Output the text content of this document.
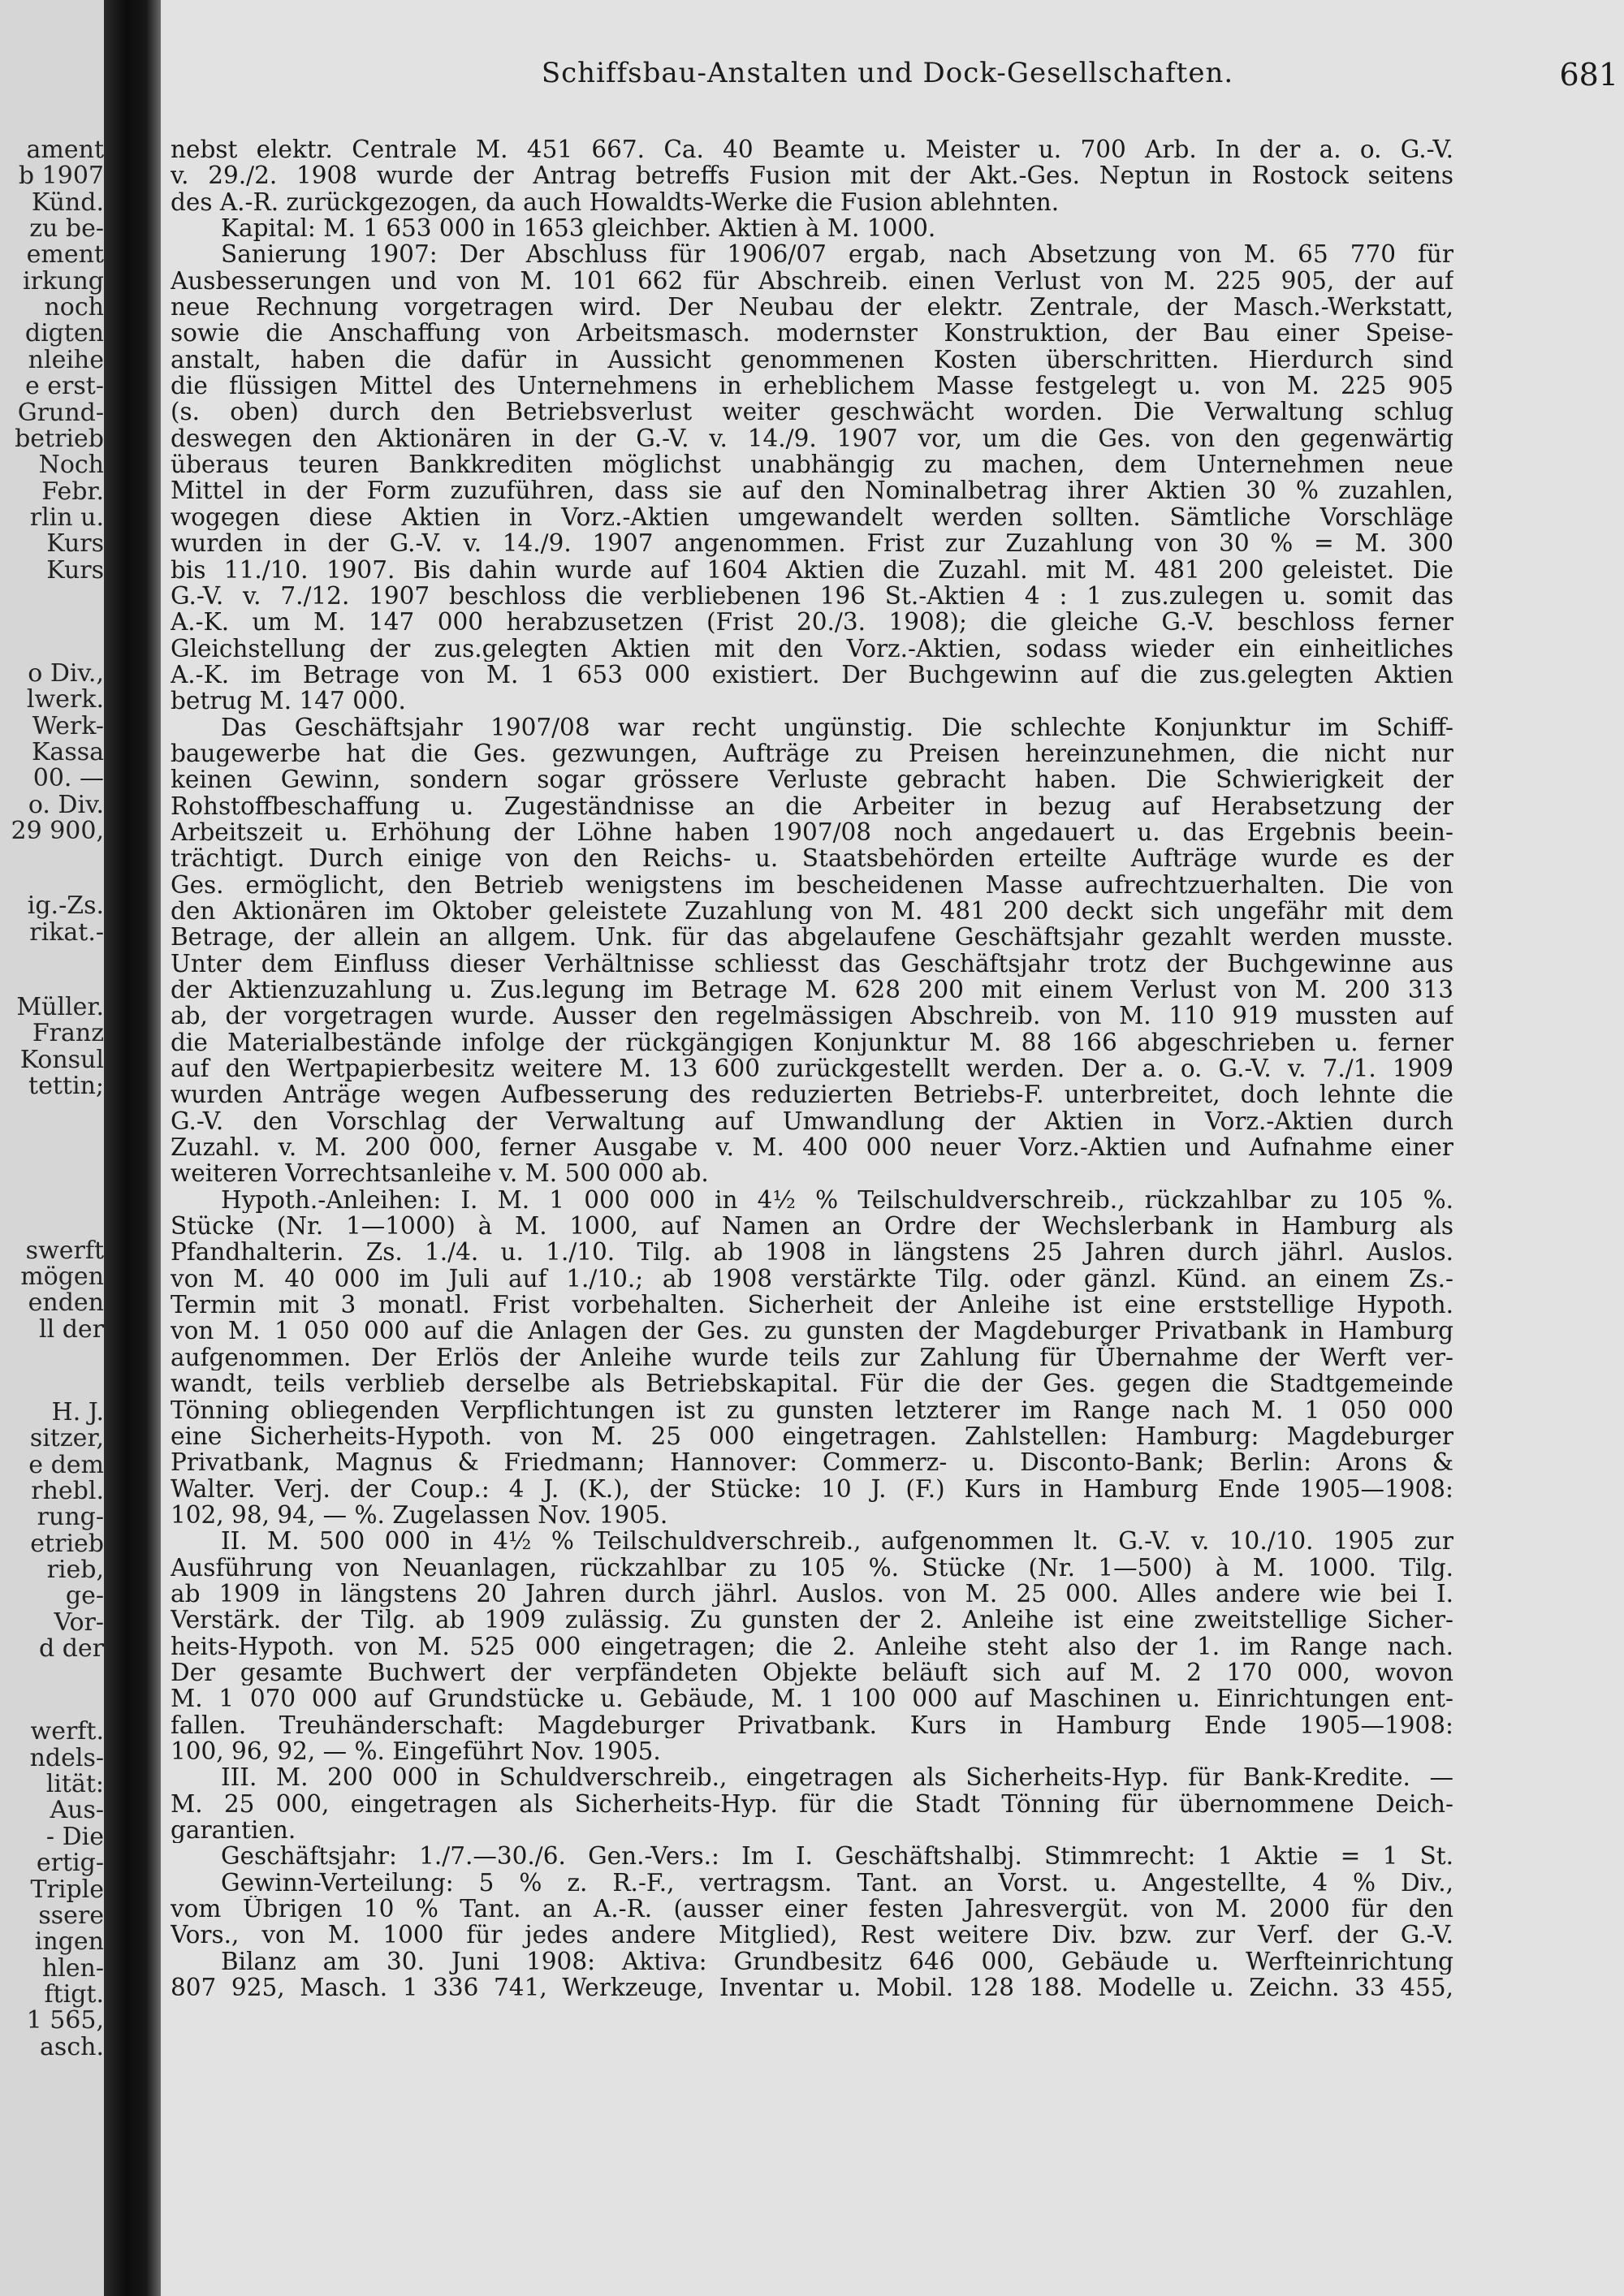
ament
b 1907
Künd.
zu be-
ement
irkung
noch
digten
nleihe
e erst-
Grund-
betrieb
Noch
Febr.
rlin u.
Kurs
Kurs
o Div.,
lwerk.
Werk-
Kassa
00. —
o. Div.
29 900,
ig.-Zs.
rikat.-
Müller.
Franz
Konsul
tettin;
swerft
mögen
enden
ll der
H. J.
sitzer,
e dem
rhebl.
rung-
etrieb
rieb,
ge-
Vor-
d der
werft.
ndels-
lität:
Aus-
- Die
ertig-
Triple
ssere
ingen
hlen-
ftigt.
1 565,
asch.
Schiffsbau-Anstalten und Dock-Gesellschaften.	681
nebst elektr. Centrale M. 451 667. Ca. 40 Beamte u. Meister u. 700 Arb. In der a. o. G.-V.
v. 29./2. 1908 wurde der Antrag betreffs Fusion mit der Akt.-Ges. Neptun in Rostock seitens
des A.-R. zurückgezogen, da auch Howaldts-Werke die Fusion ablehnten.
Kapital: M. 1 653 000 in 1653 gleichber. Aktien à M. 1000.
Sanierung 1907: Der Abschluss für 1906/07 ergab, nach Absetzung von M. 65 770 für
Ausbesserungen und von M. 101 662 für Abschreib. einen Verlust von M. 225 905, der auf
neue Rechnung vorgetragen wird. Der Neubau der elektr. Zentrale, der Masch.-Werkstatt,
sowie die Anschaffung von Arbeitsmasch. modernster Konstruktion, der Bau einer Speise-
anstalt, haben die dafür in Aussicht genommenen Kosten überschritten. Hierdurch sind
die flüssigen Mittel des Unternehmens in erheblichem Masse festgelegt u. von M. 225 905
(s. oben) durch den Betriebsverlust weiter geschwächt worden. Die Verwaltung schlug
deswegen den Aktionären in der G.-V. v. 14./9. 1907 vor, um die Ges. von den gegenwärtig
überaus teuren Bankkrediten möglichst unabhängig zu machen, dem Unternehmen neue
Mittel in der Form zuzuführen, dass sie auf den Nominalbetrag ihrer Aktien 30 % zuzahlen,
wogegen diese Aktien in Vorz.-Aktien umgewandelt werden sollten. Sämtliche Vorschläge
wurden in der G.-V. v. 14./9. 1907 angenommen. Frist zur Zuzahlung von 30 % = M. 300
bis 11./10. 1907. Bis dahin wurde auf 1604 Aktien die Zuzahl. mit M. 481 200 geleistet. Die
G.-V. v. 7./12. 1907 beschloss die verbliebenen 196 St.-Aktien 4 : 1 zus.zulegen u. somit das
A.-K. um M. 147 000 herabzusetzen (Frist 20./3. 1908); die gleiche G.-V. beschloss ferner
Gleichstellung der zus.gelegten Aktien mit den Vorz.-Aktien, sodass wieder ein einheitliches
A.-K. im Betrage von M. 1 653 000 existiert. Der Buchgewinn auf die zus.gelegten Aktien
betrug M. 147 000.
Das Geschäftsjahr 1907/08 war recht ungünstig. Die schlechte Konjunktur im Schiff-
baugewerbe hat die Ges. gezwungen, Aufträge zu Preisen hereinzunehmen, die nicht nur
keinen Gewinn, sondern sogar grössere Verluste gebracht haben. Die Schwierigkeit der
Rohstoffbeschaffung u. Zugeständnisse an die Arbeiter in bezug auf Herabsetzung der
Arbeitszeit u. Erhöhung der Löhne haben 1907/08 noch angedauert u. das Ergebnis beein-
trächtigt. Durch einige von den Reichs- u. Staatsbehörden erteilte Aufträge wurde es der
Ges. ermöglicht, den Betrieb wenigstens im bescheidenen Masse aufrechtzuerhalten. Die von
den Aktionären im Oktober geleistete Zuzahlung von M. 481 200 deckt sich ungefähr mit dem
Betrage, der allein an allgem. Unk. für das abgelaufene Geschäftsjahr gezahlt werden musste.
Unter dem Einfluss dieser Verhältnisse schliesst das Geschäftsjahr trotz der Buchgewinne aus
der Aktienzuzahlung u. Zus.legung im Betrage M. 628 200 mit einem Verlust von M. 200 313
ab, der vorgetragen wurde. Ausser den regelmässigen Abschreib. von M. 110 919 mussten auf
die Materialbestände infolge der rückgängigen Konjunktur M. 88 166 abgeschrieben u. ferner
auf den Wertpapierbesitz weitere M. 13 600 zurückgestellt werden. Der a. o. G.-V. v. 7./1. 1909
wurden Anträge wegen Aufbesserung des reduzierten Betriebs-F. unterbreitet, doch lehnte die
G.-V. den Vorschlag der Verwaltung auf Umwandlung der Aktien in Vorz.-Aktien durch
Zuzahl. v. M. 200 000, ferner Ausgabe v. M. 400 000 neuer Vorz.-Aktien und Aufnahme einer
weiteren Vorrechtsanleihe v. M. 500 000 ab.
Hypoth.-Anleihen: I. M. 1 000 000 in 4½ % Teilschuldverschreib., rückzahlbar zu 105 %.
Stücke (Nr. 1—1000) à M. 1000, auf Namen an Ordre der Wechslerbank in Hamburg als
Pfandhalterin. Zs. 1./4. u. 1./10. Tilg. ab 1908 in längstens 25 Jahren durch jährl. Auslos.
von M. 40 000 im Juli auf 1./10.; ab 1908 verstärkte Tilg. oder gänzl. Künd. an einem Zs.-
Termin mit 3 monatl. Frist vorbehalten. Sicherheit der Anleihe ist eine erststellige Hypoth.
von M. 1 050 000 auf die Anlagen der Ges. zu gunsten der Magdeburger Privatbank in Hamburg
aufgenommen. Der Erlös der Anleihe wurde teils zur Zahlung für Übernahme der Werft ver-
wandt, teils verblieb derselbe als Betriebskapital. Für die der Ges. gegen die Stadtgemeinde
Tönning obliegenden Verpflichtungen ist zu gunsten letzterer im Range nach M. 1 050 000
eine Sicherheits-Hypoth. von M. 25 000 eingetragen. Zahlstellen: Hamburg: Magdeburger
Privatbank, Magnus & Friedmann; Hannover: Commerz- u. Disconto-Bank; Berlin: Arons &
Walter. Verj. der Coup.: 4 J. (K.), der Stücke: 10 J. (F.) Kurs in Hamburg Ende 1905—1908:
102, 98, 94, — %. Zugelassen Nov. 1905.
II. M. 500 000 in 4½ % Teilschuldverschreib., aufgenommen lt. G.-V. v. 10./10. 1905 zur
Ausführung von Neuanlagen, rückzahlbar zu 105 %. Stücke (Nr. 1—500) à M. 1000. Tilg.
ab 1909 in längstens 20 Jahren durch jährl. Auslos. von M. 25 000. Alles andere wie bei I.
Verstärk. der Tilg. ab 1909 zulässig. Zu gunsten der 2. Anleihe ist eine zweitstellige Sicher-
heits-Hypoth. von M. 525 000 eingetragen; die 2. Anleihe steht also der 1. im Range nach.
Der gesamte Buchwert der verpfändeten Objekte beläuft sich auf M. 2 170 000, wovon
M. 1 070 000 auf Grundstücke u. Gebäude, M. 1 100 000 auf Maschinen u. Einrichtungen ent-
fallen. Treuhänderschaft: Magdeburger Privatbank. Kurs in Hamburg Ende 1905—1908:
100, 96, 92, — %. Eingeführt Nov. 1905.
III. M. 200 000 in Schuldverschreib., eingetragen als Sicherheits-Hyp. für Bank-Kredite. —
M. 25 000, eingetragen als Sicherheits-Hyp. für die Stadt Tönning für übernommene Deich-
garantien.
Geschäftsjahr: 1./7.—30./6. Gen.-Vers.: Im I. Geschäftshalbj. Stimmrecht: 1 Aktie = 1 St.
Gewinn-Verteilung: 5 % z. R.-F., vertragsm. Tant. an Vorst. u. Angestellte, 4 % Div.,
vom Übrigen 10 % Tant. an A.-R. (ausser einer festen Jahresvergüt. von M. 2000 für den
Vors., von M. 1000 für jedes andere Mitglied), Rest weitere Div. bzw. zur Verf. der G.-V.
Bilanz am 30. Juni 1908: Aktiva: Grundbesitz 646 000, Gebäude u. Werfteinrichtung
807 925, Masch. 1 336 741, Werkzeuge, Inventar u. Mobil. 128 188. Modelle u. Zeichn. 33 455,
